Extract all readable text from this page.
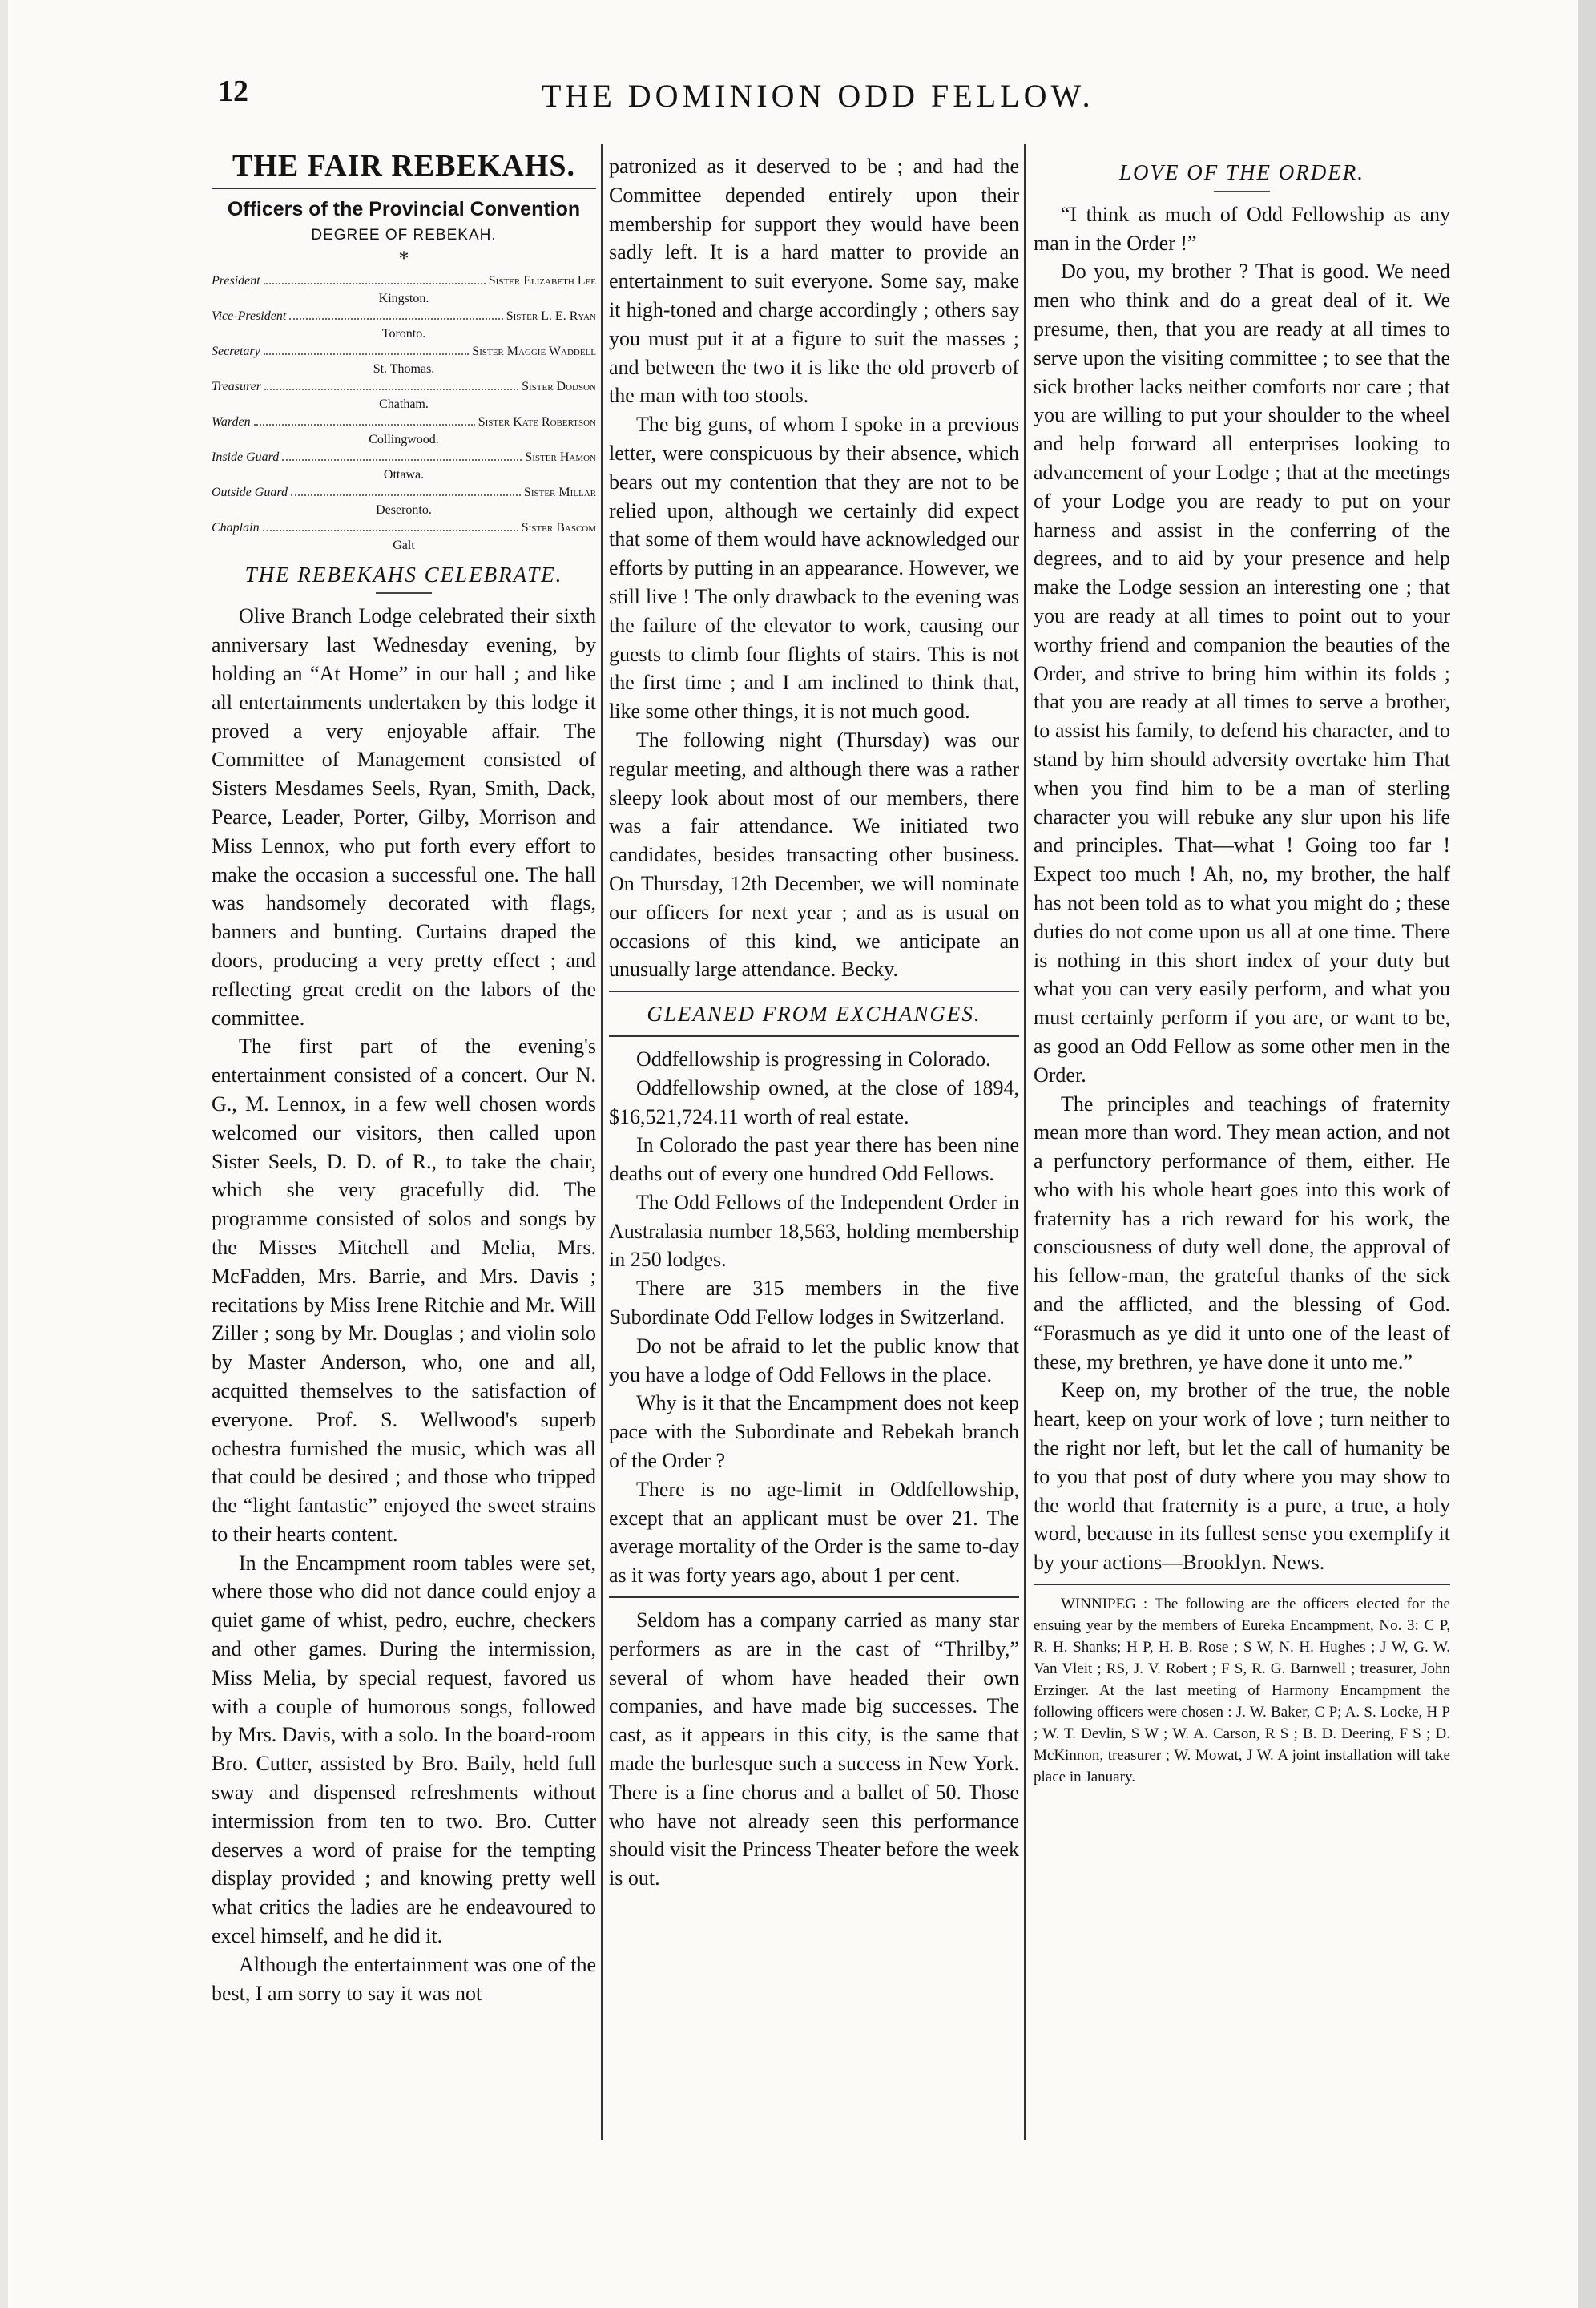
12	THE DOMINION ODD FELLOW.
THE FAIR REBEKAHS.
Officers of the Provincial Convention
DEGREE OF REBEKAH.
*
President	Sister Elizabeth Lee
Kingston.
Vice-President	Sister L. E. Ryan
Toronto.
Secretary	Sister Maggie Waddell
St. Thomas.
Treasurer	Sister Dodson
Chatham.
Warden	Sister Kate Robertson
Collingwood.
Inside Guard	Sister Hamon
Ottawa.
Outside Guard	Sister Millar
Deseronto.
Chaplain	Sister Bascom
Galt
THE REBEKAHS CELEBRATE.

Olive Branch Lodge celebrated their sixth anniversary last Wednesday evening, by holding an “At Home” in our hall ; and like all entertainments undertaken by this lodge it proved a very enjoyable affair. The Committee of Management consisted of Sisters Mesdames Seels, Ryan, Smith, Dack, Pearce, Leader, Porter, Gilby, Morrison and Miss Lennox, who put forth every effort to make the occasion a successful one. The hall was handsomely decorated with flags, banners and bunting. Curtains draped the doors, producing a very pretty effect ; and reflecting great credit on the labors of the committee.

The first part of the evening's entertainment consisted of a concert. Our N. G., M. Lennox, in a few well chosen words welcomed our visitors, then called upon Sister Seels, D. D. of R., to take the chair, which she very gracefully did. The programme consisted of solos and songs by the Misses Mitchell and Melia, Mrs. McFadden, Mrs. Barrie, and Mrs. Davis ; recitations by Miss Irene Ritchie and Mr. Will Ziller ; song by Mr. Douglas ; and violin solo by Master Anderson, who, one and all, acquitted themselves to the satisfaction of everyone. Prof. S. Wellwood's superb ochestra furnished the music, which was all that could be desired ; and those who tripped the “light fantastic” enjoyed the sweet strains to their hearts content.

In the Encampment room tables were set, where those who did not dance could enjoy a quiet game of whist, pedro, euchre, checkers and other games. During the intermission, Miss Melia, by special request, favored us with a couple of humorous songs, followed by Mrs. Davis, with a solo. In the board-room Bro. Cutter, assisted by Bro. Baily, held full sway and dispensed refreshments without intermission from ten to two. Bro. Cutter deserves a word of praise for the tempting display provided ; and knowing pretty well what critics the ladies are he endeavoured to excel himself, and he did it.

Although the entertainment was one of the best, I am sorry to say it was not

patronized as it deserved to be ; and had the Committee depended entirely upon their membership for support they would have been sadly left. It is a hard matter to provide an entertainment to suit everyone. Some say, make it high-toned and charge accordingly ; others say you must put it at a figure to suit the masses ; and between the two it is like the old proverb of the man with too stools.

The big guns, of whom I spoke in a previous letter, were conspicuous by their absence, which bears out my contention that they are not to be relied upon, although we certainly did expect that some of them would have acknowledged our efforts by putting in an appearance. However, we still live ! The only drawback to the evening was the failure of the elevator to work, causing our guests to climb four flights of stairs. This is not the first time ; and I am inclined to think that, like some other things, it is not much good.

The following night (Thursday) was our regular meeting, and although there was a rather sleepy look about most of our members, there was a fair attendance. We initiated two candidates, besides transacting other business. On Thursday, 12th December, we will nominate our officers for next year ; and as is usual on occasions of this kind, we anticipate an unusually large attendance. Becky.

GLEANED FROM EXCHANGES.

Oddfellowship is progressing in Colorado.

Oddfellowship owned, at the close of 1894, $16,521,724.11 worth of real estate.

In Colorado the past year there has been nine deaths out of every one hundred Odd Fellows.

The Odd Fellows of the Independent Order in Australasia number 18,563, holding membership in 250 lodges.

There are 315 members in the five Subordinate Odd Fellow lodges in Switzerland.

Do not be afraid to let the public know that you have a lodge of Odd Fellows in the place.

Why is it that the Encampment does not keep pace with the Subordinate and Rebekah branch of the Order ?

There is no age-limit in Oddfellowship, except that an applicant must be over 21. The average mortality of the Order is the same to-day as it was forty years ago, about 1 per cent.

Seldom has a company carried as many star performers as are in the cast of “Thrilby,” several of whom have headed their own companies, and have made big successes. The cast, as it appears in this city, is the same that made the burlesque such a success in New York. There is a fine chorus and a ballet of 50. Those who have not already seen this performance should visit the Princess Theater before the week is out.

LOVE OF THE ORDER.

“I think as much of Odd Fellowship as any man in the Order !”

Do you, my brother ? That is good. We need men who think and do a great deal of it. We presume, then, that you are ready at all times to serve upon the visiting committee ; to see that the sick brother lacks neither comforts nor care ; that you are willing to put your shoulder to the wheel and help forward all enterprises looking to advancement of your Lodge ; that at the meetings of your Lodge you are ready to put on your harness and assist in the conferring of the degrees, and to aid by your presence and help make the Lodge session an interesting one ; that you are ready at all times to point out to your worthy friend and companion the beauties of the Order, and strive to bring him within its folds ; that you are ready at all times to serve a brother, to assist his family, to defend his character, and to stand by him should adversity overtake him That when you find him to be a man of sterling character you will rebuke any slur upon his life and principles. That—what ! Going too far ! Expect too much ! Ah, no, my brother, the half has not been told as to what you might do ; these duties do not come upon us all at one time. There is nothing in this short index of your duty but what you can very easily perform, and what you must certainly perform if you are, or want to be, as good an Odd Fellow as some other men in the Order.

The principles and teachings of fraternity mean more than word. They mean action, and not a perfunctory performance of them, either. He who with his whole heart goes into this work of fraternity has a rich reward for his work, the consciousness of duty well done, the approval of his fellow-man, the grateful thanks of the sick and the afflicted, and the blessing of God. “Forasmuch as ye did it unto one of the least of these, my brethren, ye have done it unto me.”

Keep on, my brother of the true, the noble heart, keep on your work of love ; turn neither to the right nor left, but let the call of humanity be to you that post of duty where you may show to the world that fraternity is a pure, a true, a holy word, because in its fullest sense you exemplify it by your actions—Brooklyn. News.

WINNIPEG : The following are the officers elected for the ensuing year by the members of Eureka Encampment, No. 3: C P, R. H. Shanks; H P, H. B. Rose ; S W, N. H. Hughes ; J W, G. W. Van Vleit ; RS, J. V. Robert ; F S, R. G. Barnwell ; treasurer, John Erzinger. At the last meeting of Harmony Encampment the following officers were chosen : J. W. Baker, C P; A. S. Locke, H P ; W. T. Devlin, S W ; W. A. Carson, R S ; B. D. Deering, F S ; D. McKinnon, treasurer ; W. Mowat, J W. A joint installation will take place in January.
